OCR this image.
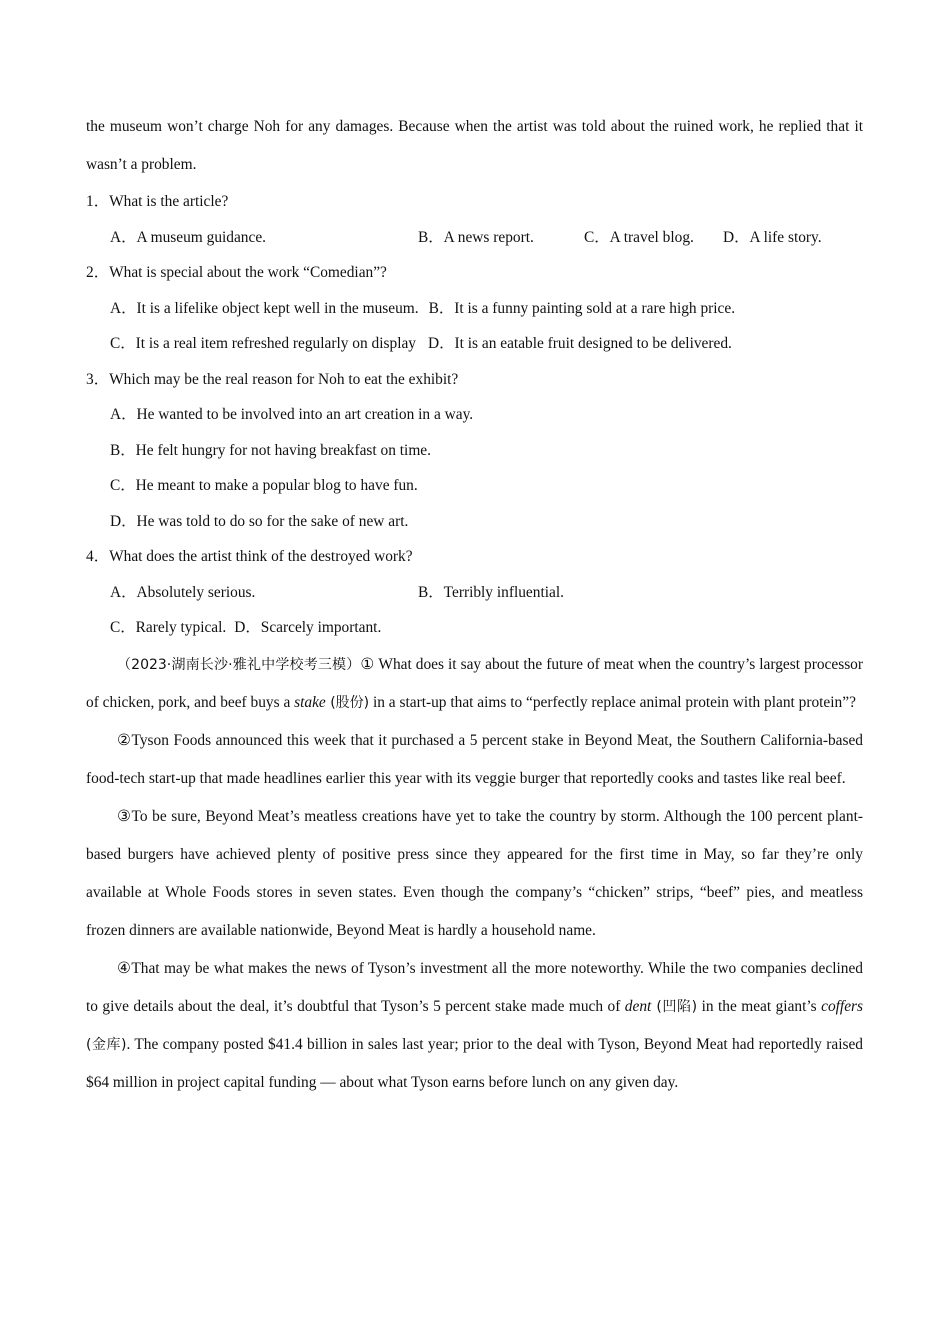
the museum won’t charge Noh for any damages. Because when the artist was told about the ruined work, he replied that it wasn’t a problem.

1．What is the article?

A．A museum guidance.	B．A news report.	C．A travel blog.	D．A life story.

2．What is special about the work “Comedian”?

A．It is a lifelike object kept well in the museum. B．It is a funny painting sold at a rare high price.
C．It is a real item refreshed regularly on display D．It is an eatable fruit designed to be delivered.

3．Which may be the real reason for Noh to eat the exhibit?

A．He wanted to be involved into an art creation in a way.

B．He felt hungry for not having breakfast on time.

C．He meant to make a popular blog to have fun.

D．He was told to do so for the sake of new art.

4．What does the artist think of the destroyed work?

A．Absolutely serious.	B．Terribly influential.
C．Rarely typical. D．Scarcely important.

（2023·湖南长沙·雅礼中学校考三模）① What does it say about the future of meat when the country’s largest processor of chicken, pork, and beef buys a stake (股份) in a start-up that aims to “perfectly replace animal protein with plant protein”?

②Tyson Foods announced this week that it purchased a 5 percent stake in Beyond Meat, the Southern California-based food-tech start-up that made headlines earlier this year with its veggie burger that reportedly cooks and tastes like real beef.

③To be sure, Beyond Meat’s meatless creations have yet to take the country by storm. Although the 100 percent plant-based burgers have achieved plenty of positive press since they appeared for the first time in May, so far they’re only available at Whole Foods stores in seven states. Even though the company’s “chicken” strips, “beef” pies, and meatless frozen dinners are available nationwide, Beyond Meat is hardly a household name.

④That may be what makes the news of Tyson’s investment all the more noteworthy. While the two companies declined to give details about the deal, it’s doubtful that Tyson’s 5 percent stake made much of dent (凹陷) in the meat giant’s coffers (金库). The company posted $41.4 billion in sales last year; prior to the deal with Tyson, Beyond Meat had reportedly raised $64 million in project capital funding — about what Tyson earns before lunch on any given day.
